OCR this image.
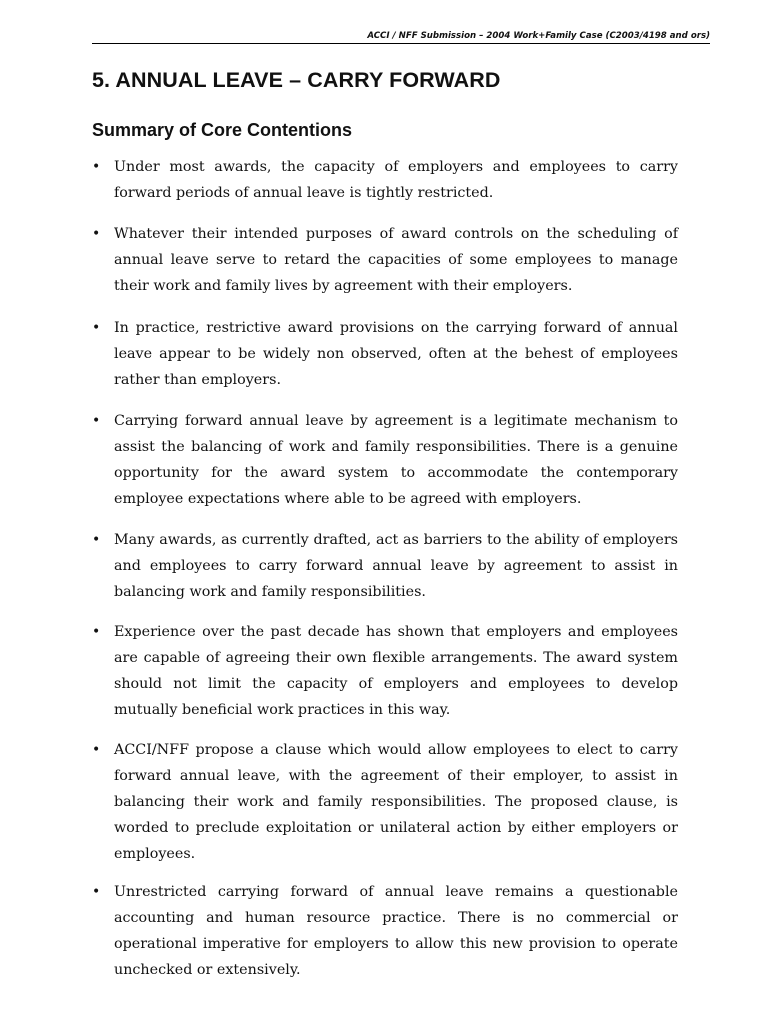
ACCI / NFF Submission – 2004 Work+Family Case (C2003/4198 and ors)
5. ANNUAL LEAVE – CARRY FORWARD
Summary of Core Contentions
• Under most awards, the capacity of employers and employees to carry forward periods of annual leave is tightly restricted.
• Whatever their intended purposes of award controls on the scheduling of annual leave serve to retard the capacities of some employees to manage their work and family lives by agreement with their employers.
• In practice, restrictive award provisions on the carrying forward of annual leave appear to be widely non observed, often at the behest of employees rather than employers.
• Carrying forward annual leave by agreement is a legitimate mechanism to assist the balancing of work and family responsibilities. There is a genuine opportunity for the award system to accommodate the contemporary employee expectations where able to be agreed with employers.
• Many awards, as currently drafted, act as barriers to the ability of employers and employees to carry forward annual leave by agreement to assist in balancing work and family responsibilities.
• Experience over the past decade has shown that employers and employees are capable of agreeing their own flexible arrangements. The award system should not limit the capacity of employers and employees to develop mutually beneficial work practices in this way.
• ACCI/NFF propose a clause which would allow employees to elect to carry forward annual leave, with the agreement of their employer, to assist in balancing their work and family responsibilities. The proposed clause, is worded to preclude exploitation or unilateral action by either employers or employees.
• Unrestricted carrying forward of annual leave remains a questionable accounting and human resource practice. There is no commercial or operational imperative for employers to allow this new provision to operate unchecked or extensively.
